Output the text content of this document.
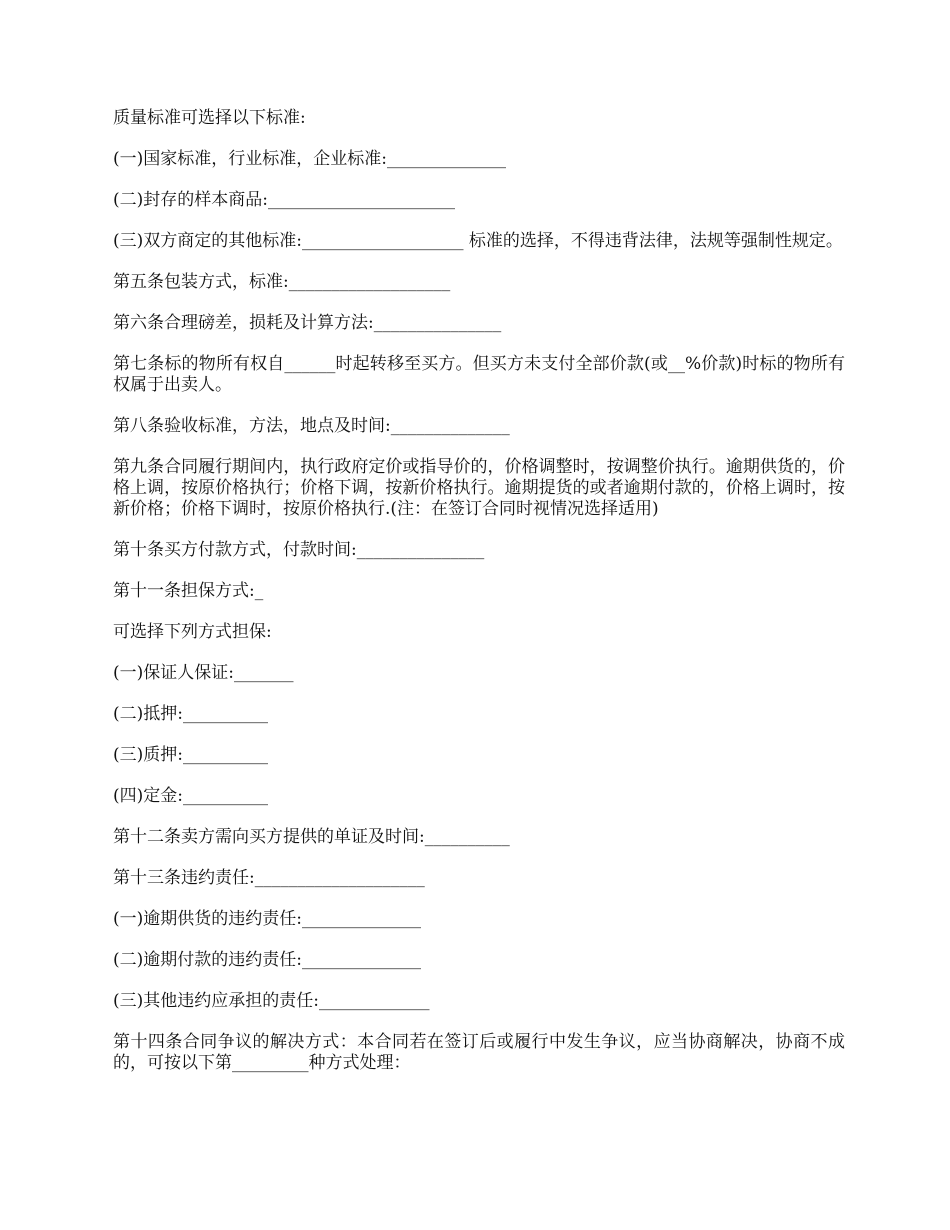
质量标准可选择以下标准:

(一)国家标准，行业标准，企业标准:______________

(二)封存的样本商品:______________________

(三)双方商定的其他标准:___________________ 标准的选择，不得违背法律，法规等强制性规定。

第五条包装方式，标准:___________________

第六条合理磅差，损耗及计算方法:_______________

第七条标的物所有权自______时起转移至买方。但买方未支付全部价款(或__%价款)时标的物所有权属于出卖人。

第八条验收标准，方法，地点及时间:______________

第九条合同履行期间内，执行政府定价或指导价的，价格调整时，按调整价执行。逾期供货的，价格上调，按原价格执行；价格下调，按新价格执行。逾期提货的或者逾期付款的，价格上调时，按新价格；价格下调时，按原价格执行.(注：在签订合同时视情况选择适用)

第十条买方付款方式，付款时间:_______________

第十一条担保方式:_

可选择下列方式担保:

(一)保证人保证:_______

(二)抵押:__________

(三)质押:__________

(四)定金:__________

第十二条卖方需向买方提供的单证及时间:__________

第十三条违约责任:____________________

(一)逾期供货的违约责任:______________

(二)逾期付款的违约责任:______________

(三)其他违约应承担的责任:_____________

第十四条合同争议的解决方式：本合同若在签订后或履行中发生争议，应当协商解决，协商不成的，可按以下第_________种方式处理：
